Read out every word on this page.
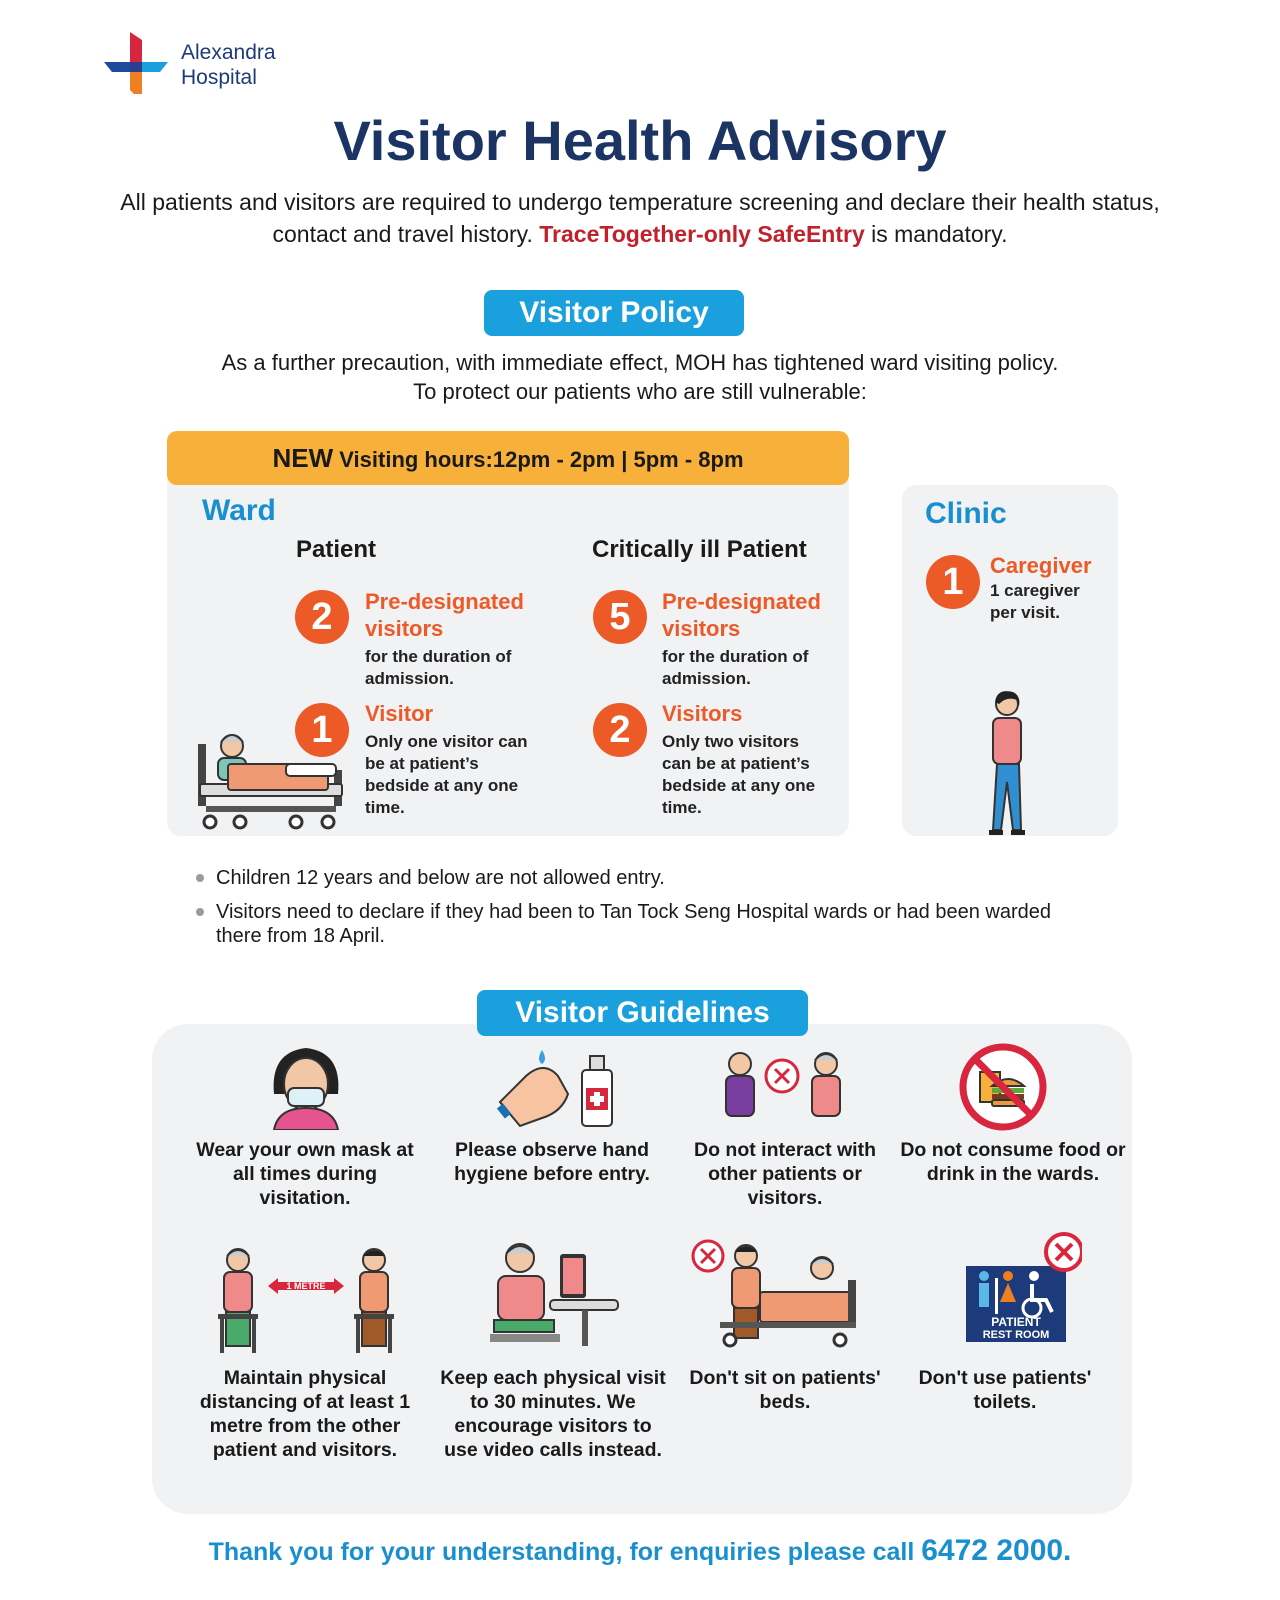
Alexandra
Hospital
Visitor Health Advisory
All patients and visitors are required to undergo temperature screening and declare their health status, contact and travel history. TraceTogether-only SafeEntry is mandatory.
Visitor Policy
As a further precaution, with immediate effect, MOH has tightened ward visiting policy.
To protect our patients who are still vulnerable:
NEW Visiting hours:12pm - 2pm | 5pm - 8pm
Ward
Patient	Critically ill Patient
2	Pre-designated visitors
for the duration of admission.
1	Visitor
Only one visitor can be at patient’s bedside at any one time.
5	Pre-designated visitors
for the duration of admission.
2	Visitors
Only two visitors can be at patient’s bedside at any one time.
Clinic
1	Caregiver
1 caregiver per visit.
Children 12 years and below are not allowed entry.
Visitors need to declare if they had been to Tan Tock Seng Hospital wards or had been warded there from 18 April.
Visitor Guidelines
Wear your own mask at all times during visitation.
Please observe hand hygiene before entry.
Do not interact with other patients or visitors.
Do not consume food or drink in the wards.
1 METRE
PATIENT
REST ROOM
Maintain physical distancing of at least 1 metre from the other patient and visitors.
Keep each physical visit to 30 minutes. We encourage visitors to use video calls instead.
Don't sit on patients' beds.
Don't use patients' toilets.
Thank you for your understanding, for enquiries please call 6472 2000.
